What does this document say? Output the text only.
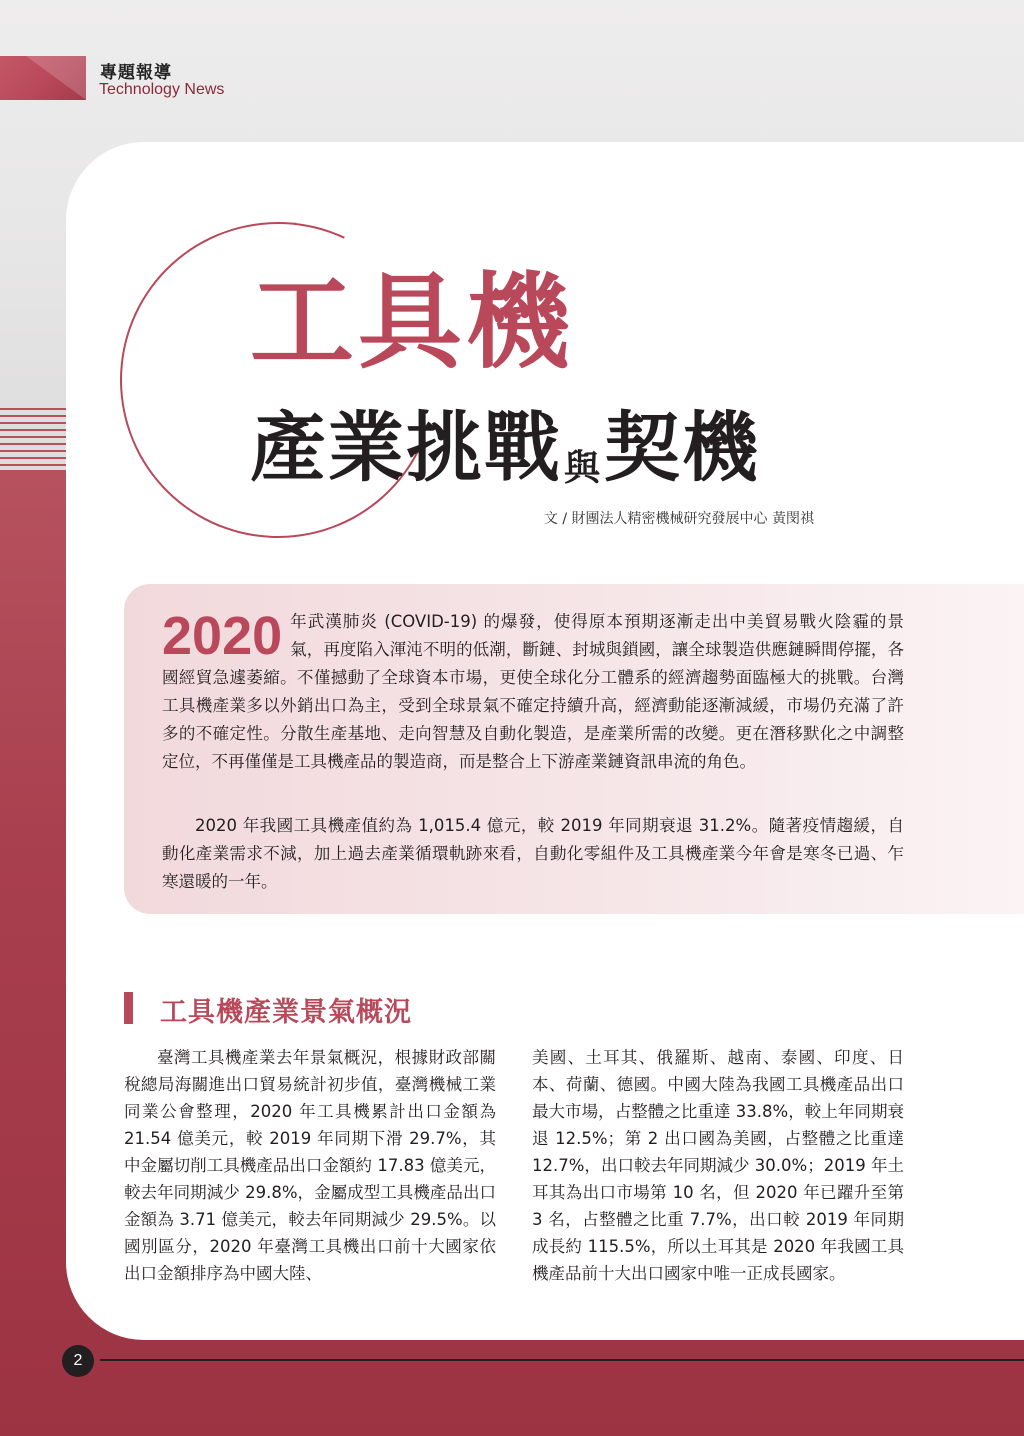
專題報導
Technology News
工具機
產業挑戰與契機
文 / 財團法人精密機械研究發展中心 黃閔祺
2020 年武漢肺炎 (COVID-19) 的爆發，使得原本預期逐漸走出中美貿易戰火陰霾的景氣，再度陷入渾沌不明的低潮，斷鏈、封城與鎖國，讓全球製造供應鏈瞬間停擺，各國經貿急遽萎縮。不僅撼動了全球資本市場，更使全球化分工體系的經濟趨勢面臨極大的挑戰。台灣工具機產業多以外銷出口為主，受到全球景氣不確定持續升高，經濟動能逐漸減緩，市場仍充滿了許多的不確定性。分散生產基地、走向智慧及自動化製造，是產業所需的改變。更在潛移默化之中調整定位，不再僅僅是工具機產品的製造商，而是整合上下游產業鏈資訊串流的角色。
2020 年我國工具機產值約為 1,015.4 億元，較 2019 年同期衰退 31.2%。隨著疫情趨緩，自動化產業需求不減，加上過去產業循環軌跡來看，自動化零組件及工具機產業今年會是寒冬已過、乍寒還暖的一年。
工具機產業景氣概況
臺灣工具機產業去年景氣概況，根據財政部關稅總局海關進出口貿易統計初步值，臺灣機械工業同業公會整理，2020 年工具機累計出口金額為 21.54 億美元，較 2019 年同期下滑 29.7%，其中金屬切削工具機產品出口金額約 17.83 億美元，較去年同期減少 29.8%，金屬成型工具機產品出口金額為 3.71 億美元，較去年同期減少 29.5%。以國別區分，2020 年臺灣工具機出口前十大國家依出口金額排序為中國大陸、
美國、土耳其、俄羅斯、越南、泰國、印度、日本、荷蘭、德國。中國大陸為我國工具機產品出口最大市場，占整體之比重達 33.8%，較上年同期衰退 12.5%；第 2 出口國為美國，占整體之比重達 12.7%，出口較去年同期減少 30.0%；2019 年土耳其為出口市場第 10 名，但 2020 年已躍升至第 3 名，占整體之比重 7.7%，出口較 2019 年同期成長約 115.5%，所以土耳其是 2020 年我國工具機產品前十大出口國家中唯一正成長國家。
2
